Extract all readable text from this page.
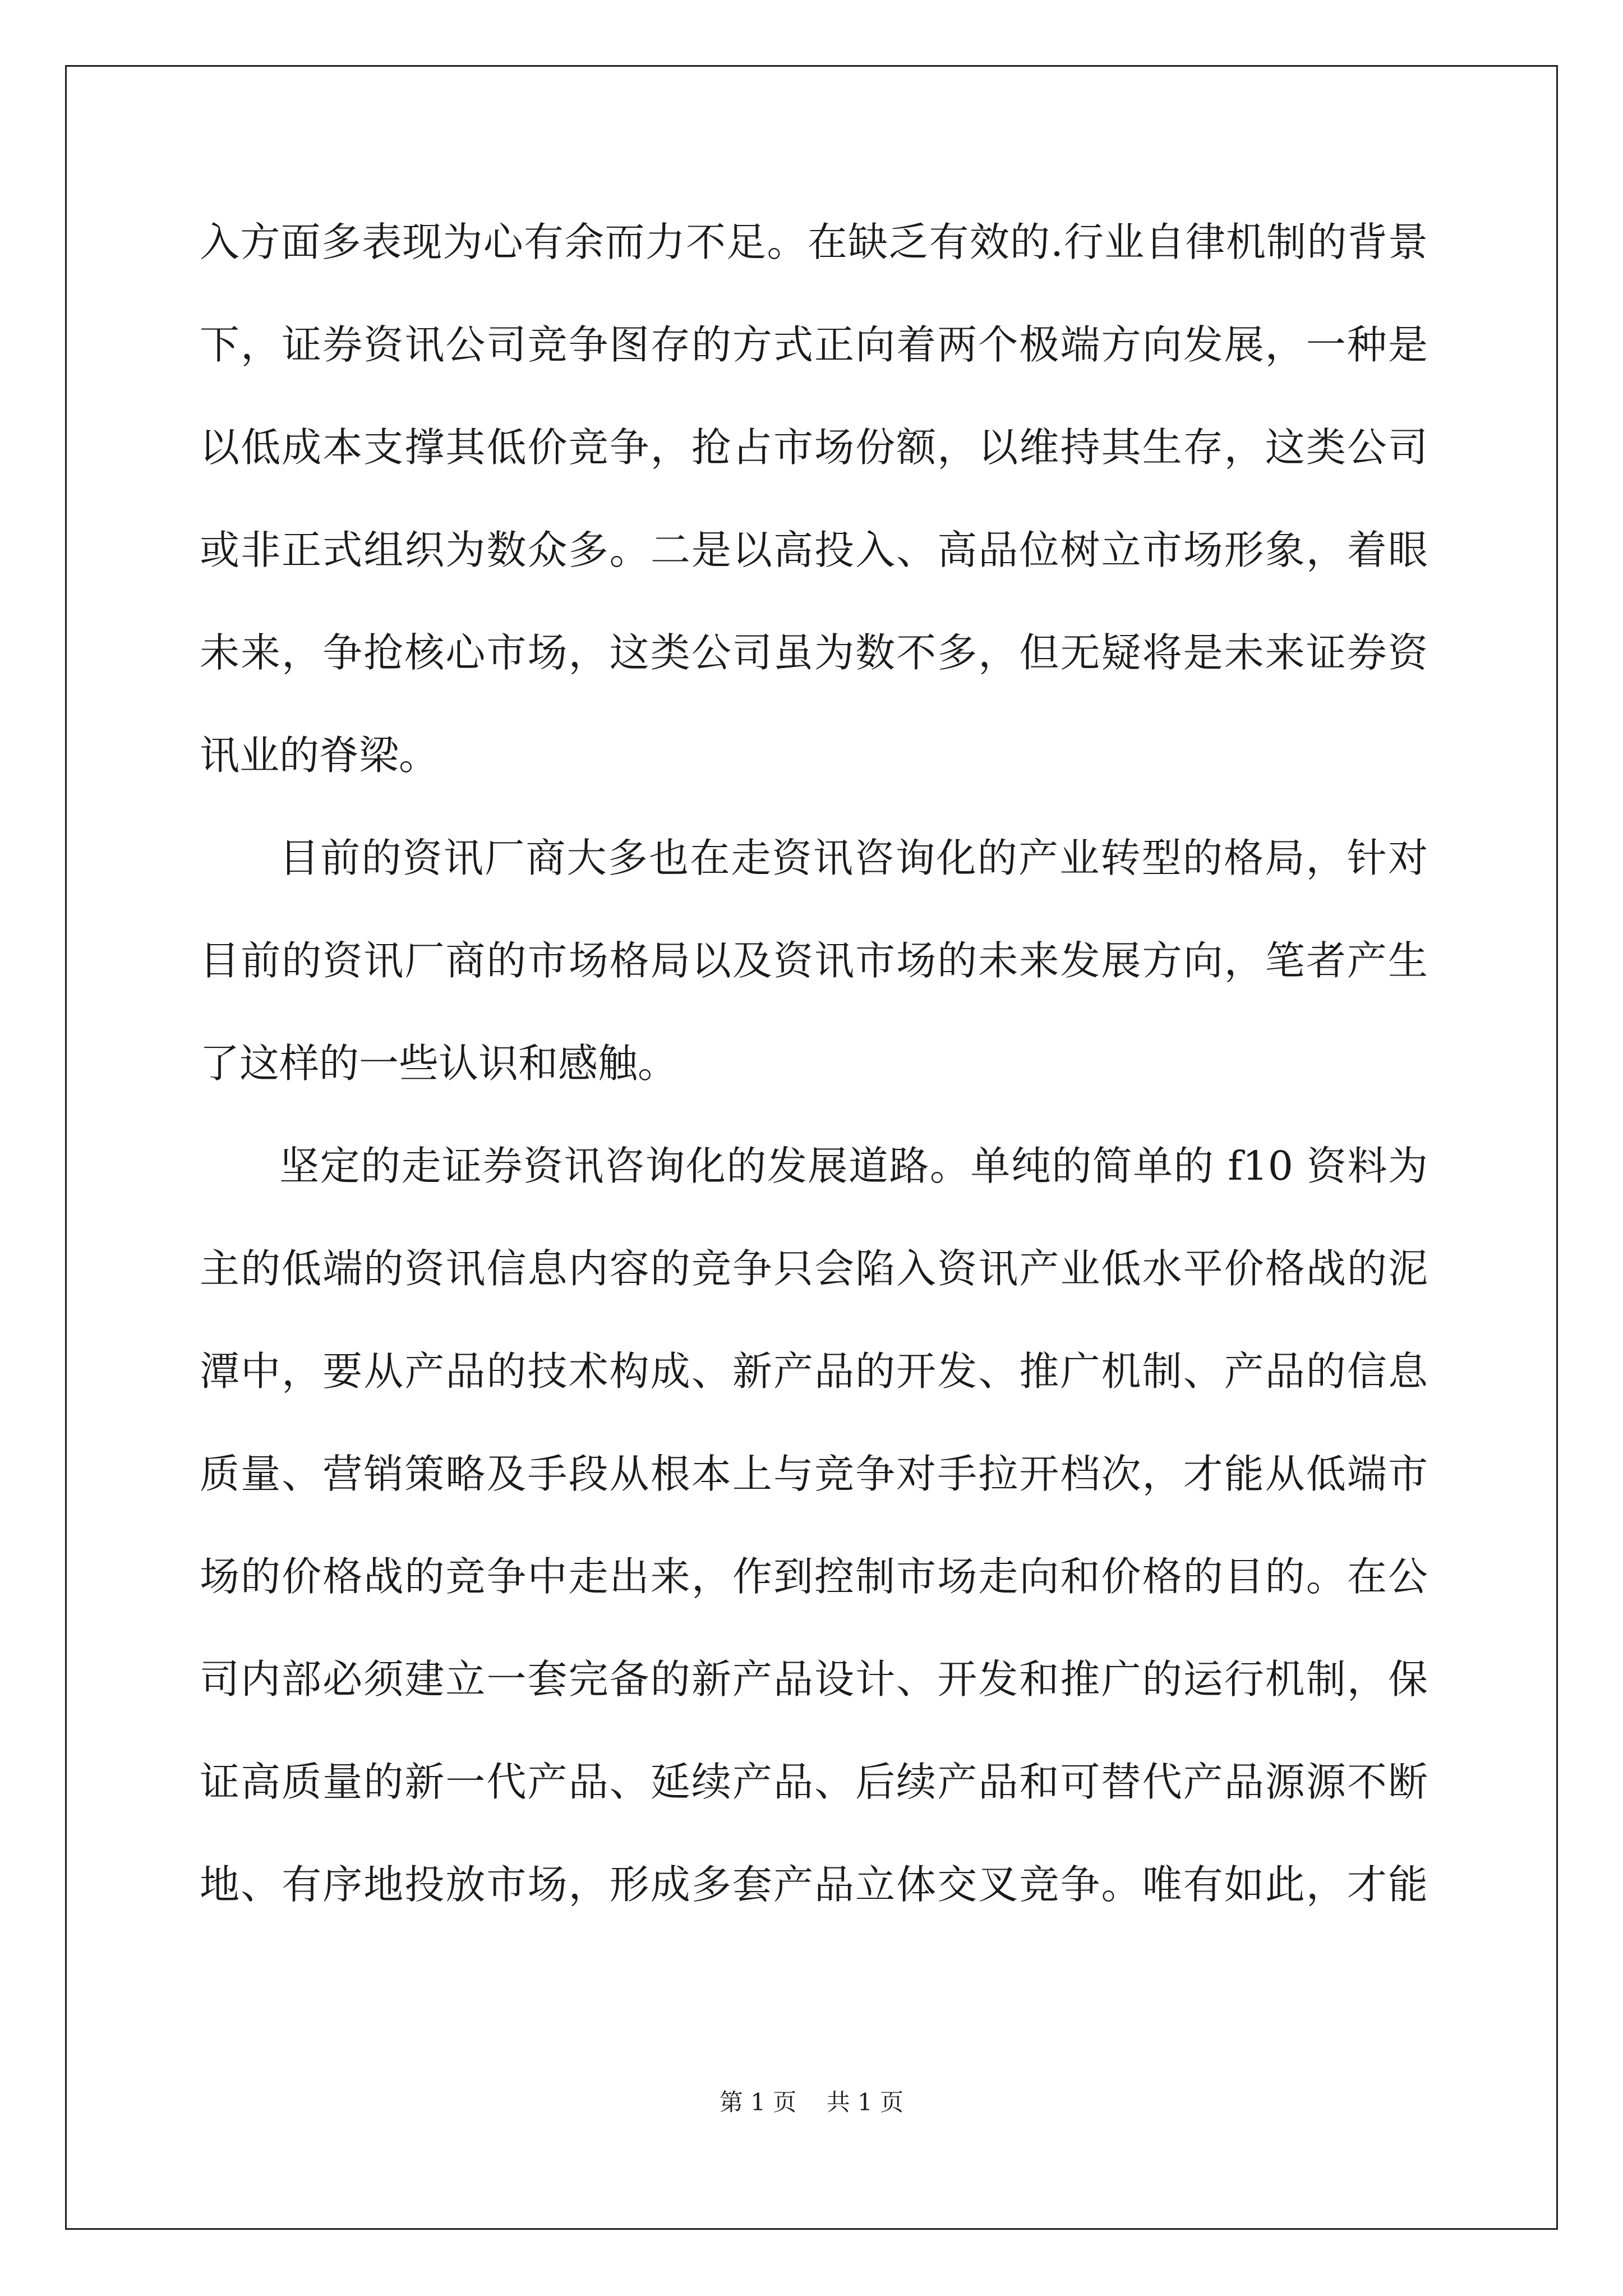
入方面多表现为心有余而力不足。在缺乏有效的.行业自律机制的背景
下，证券资讯公司竞争图存的方式正向着两个极端方向发展，一种是
以低成本支撑其低价竞争，抢占市场份额，以维持其生存，这类公司
或非正式组织为数众多。二是以高投入、高品位树立市场形象，着眼
未来，争抢核心市场，这类公司虽为数不多，但无疑将是未来证券资
讯业的脊梁。
目前的资讯厂商大多也在走资讯咨询化的产业转型的格局，针对
目前的资讯厂商的市场格局以及资讯市场的未来发展方向，笔者产生
了这样的一些认识和感触。
坚定的走证券资讯咨询化的发展道路。单纯的简单的 f10 资料为
主的低端的资讯信息内容的竞争只会陷入资讯产业低水平价格战的泥
潭中，要从产品的技术构成、新产品的开发、推广机制、产品的信息
质量、营销策略及手段从根本上与竞争对手拉开档次，才能从低端市
场的价格战的竞争中走出来，作到控制市场走向和价格的目的。在公
司内部必须建立一套完备的新产品设计、开发和推广的运行机制，保
证高质量的新一代产品、延续产品、后续产品和可替代产品源源不断
地、有序地投放市场，形成多套产品立体交叉竞争。唯有如此，才能
第 1 页    共 1 页
